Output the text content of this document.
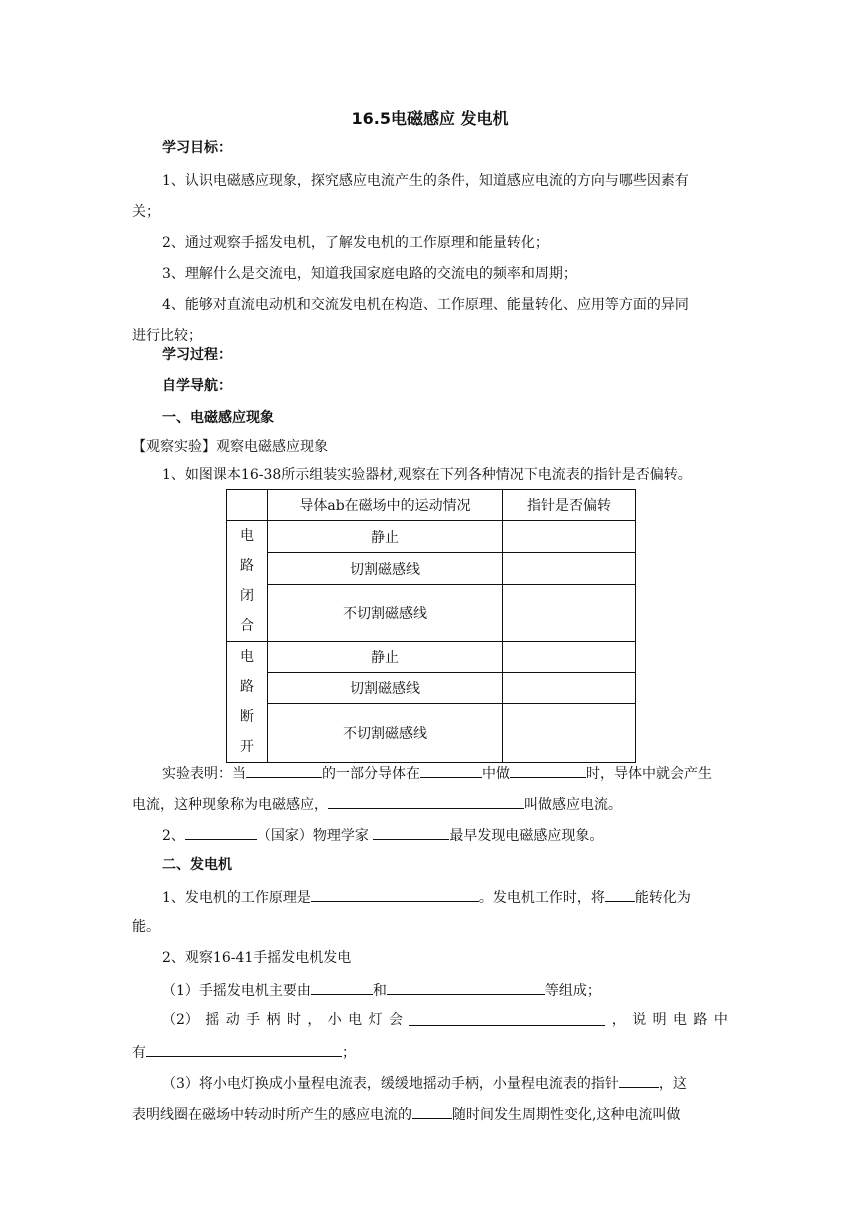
16.5电磁感应 发电机
学习目标：
1、认识电磁感应现象，探究感应电流产生的条件，知道感应电流的方向与哪些因素有
关；
2、通过观察手摇发电机，了解发电机的工作原理和能量转化；
3、理解什么是交流电，知道我国家庭电路的交流电的频率和周期；
4、能够对直流电动机和交流发电机在构造、工作原理、能量转化、应用等方面的异同
进行比较；
学习过程：
自学导航：
一、电磁感应现象
【观察实验】观察电磁感应现象
1、如图课本16-38所示组装实验器材,观察在下列各种情况下电流表的指针是否偏转。
	导体ab在磁场中的运动情况	指针是否偏转

电
路
闭
合	静止	
	切割磁感线	
	不切割磁感线	

电
路
断
开	静止	
	切割磁感线	
	不切割磁感线	
实验表明：当	的一部分导体在	中做	时，导体中就会产生
电流，这种现象称为电磁感应，	叫做感应电流。
2、	（国家）物理学家	最早发现电磁感应现象。
二、发电机
1、发电机的工作原理是	。发电机工作时，将 能转化为
能。
2、观察16-41手摇发电机发电
（1）手摇发电机主要由	和	等组成；
（2） 摇 动 手 柄 时 ， 小 电 灯 会	， 说 明 电 路 中
有	；
（3）将小电灯换成小量程电流表，缓缓地摇动手柄，小量程电流表的指针	，这
表明线圈在磁场中转动时所产生的感应电流的	随时间发生周期性变化,这种电流叫做
